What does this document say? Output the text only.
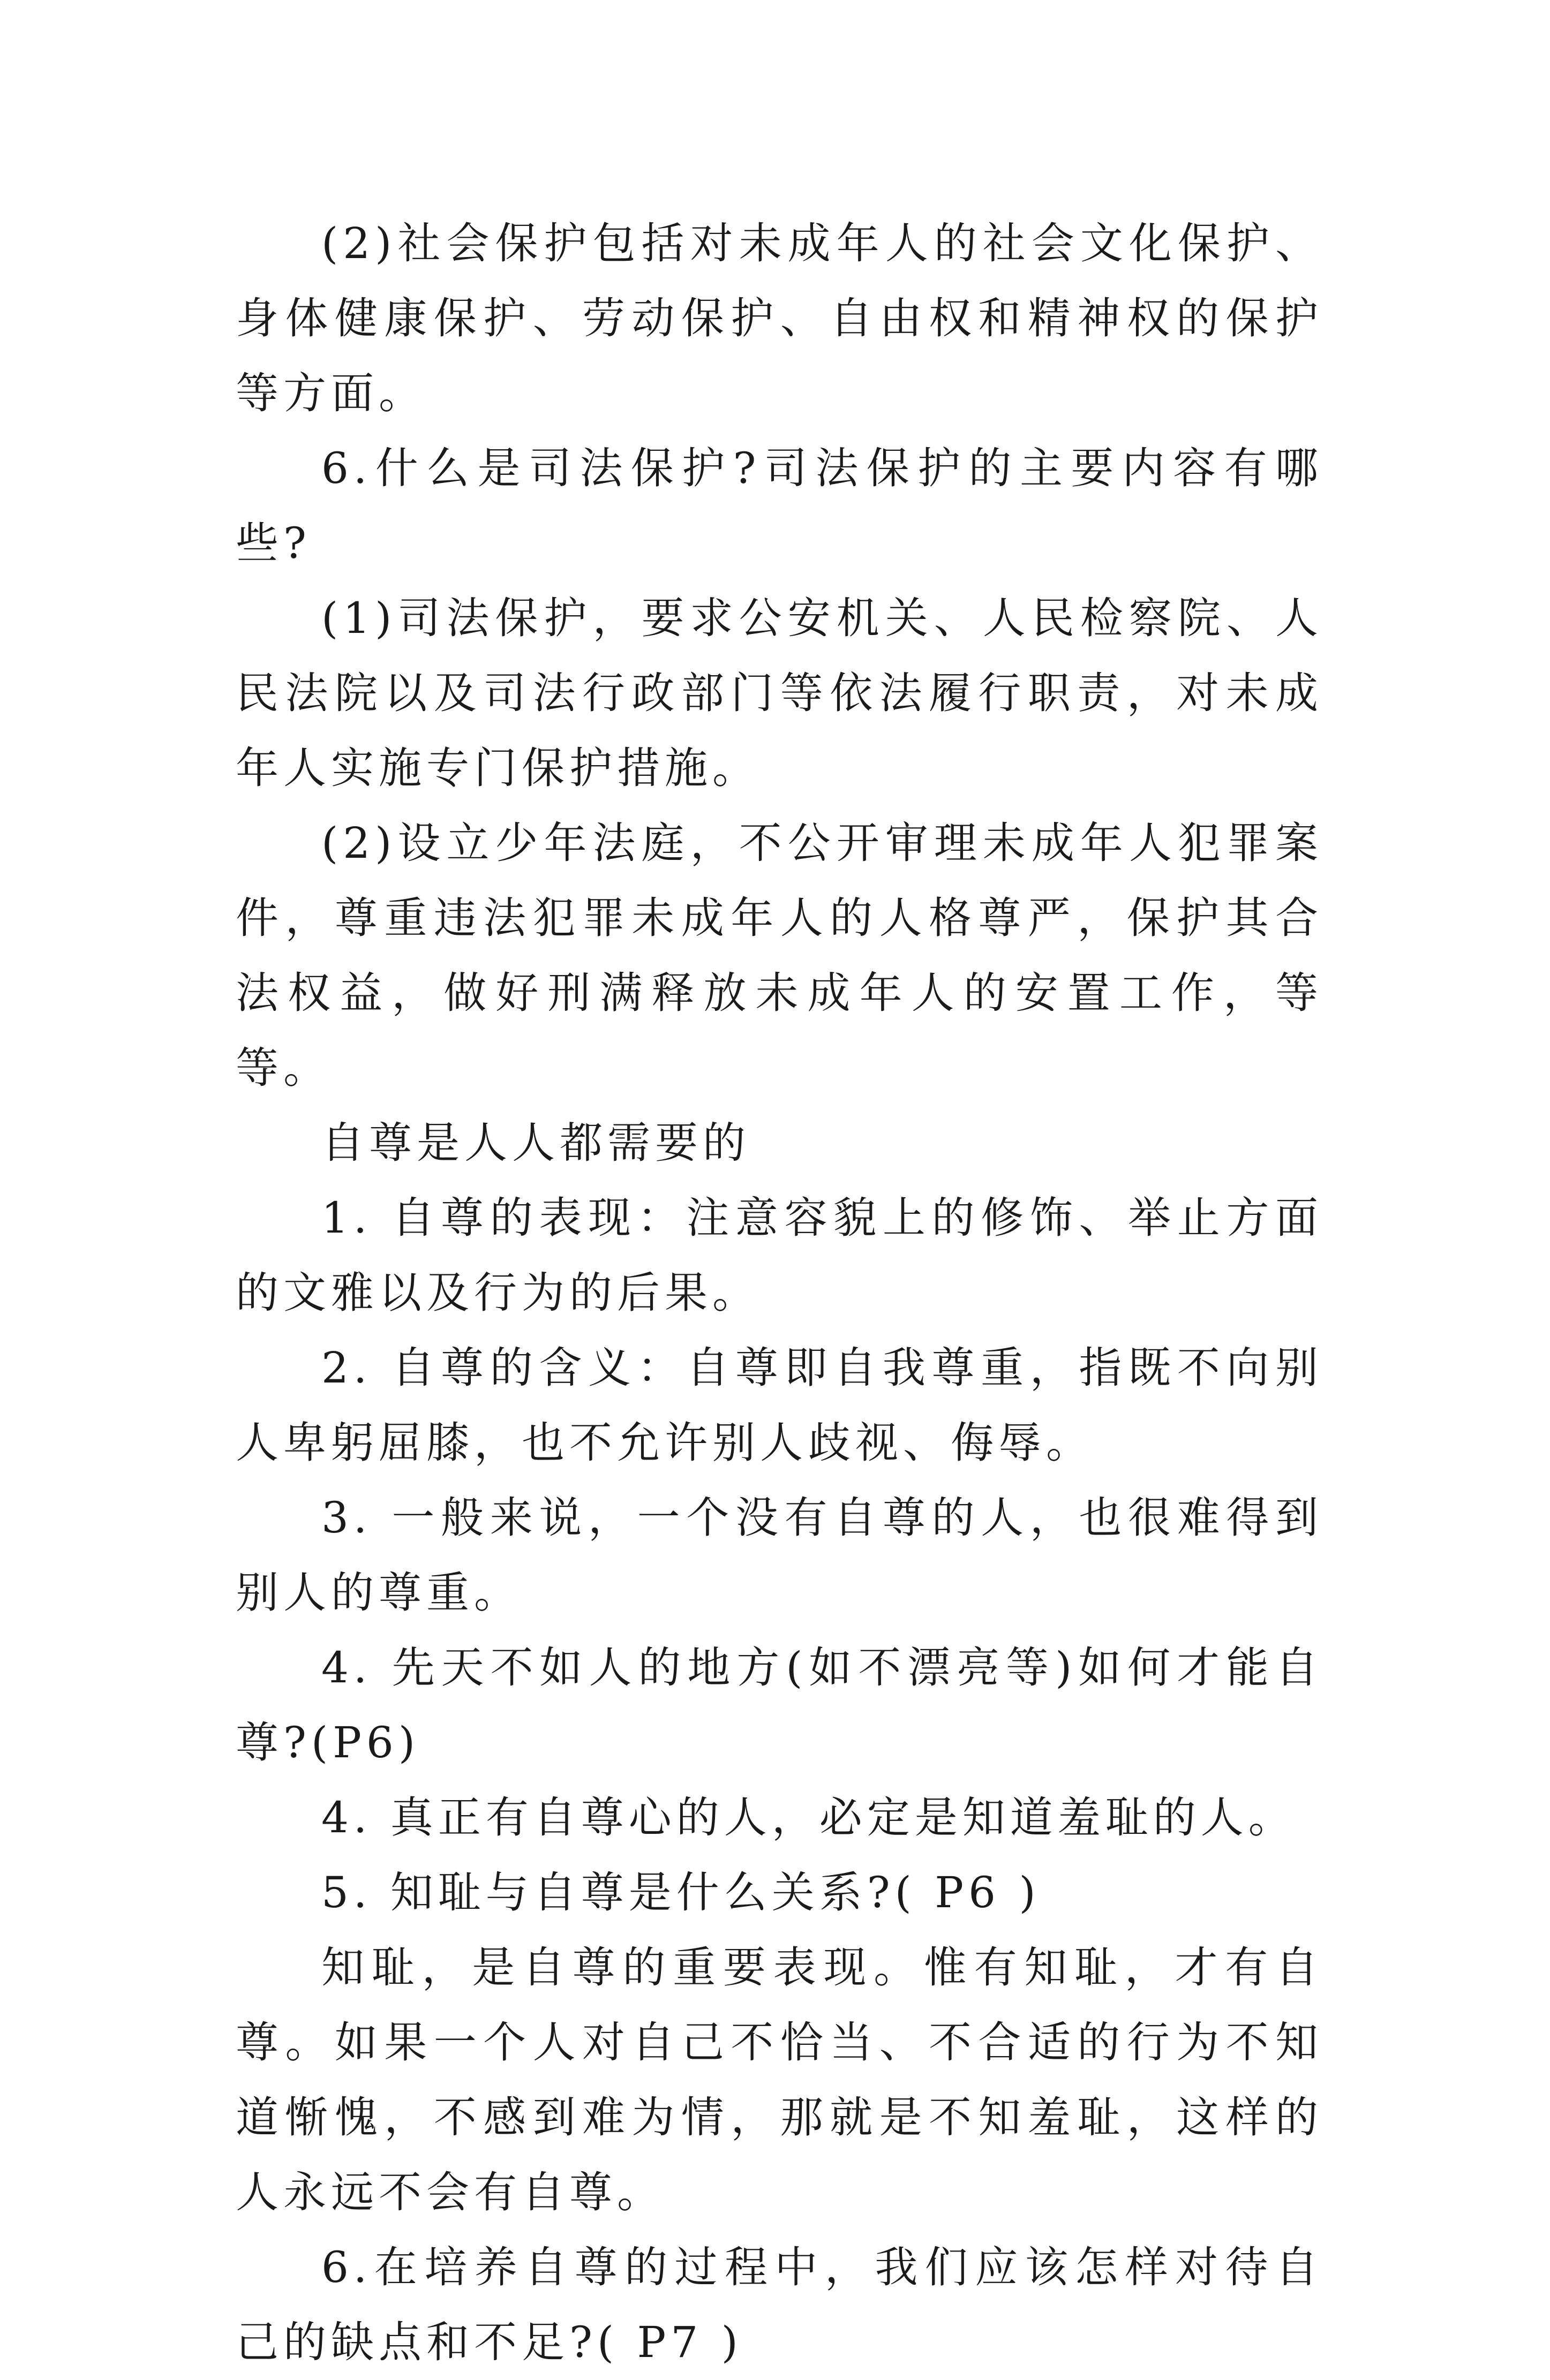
(2)社会保护包括对未成年人的社会文化保护、身体健康保护、劳动保护、自由权和精神权的保护等方面。

6.什么是司法保护?司法保护的主要内容有哪些?

(1)司法保护，要求公安机关、人民检察院、人民法院以及司法行政部门等依法履行职责，对未成年人实施专门保护措施。

(2)设立少年法庭，不公开审理未成年人犯罪案件，尊重违法犯罪未成年人的人格尊严，保护其合法权益，做好刑满释放未成年人的安置工作，等等。

自尊是人人都需要的

1. 自尊的表现：注意容貌上的修饰、举止方面的文雅以及行为的后果。

2. 自尊的含义：自尊即自我尊重，指既不向别人卑躬屈膝，也不允许别人歧视、侮辱。

3. 一般来说，一个没有自尊的人，也很难得到别人的尊重。

4. 先天不如人的地方(如不漂亮等)如何才能自尊?(P6)

4. 真正有自尊心的人，必定是知道羞耻的人。

5. 知耻与自尊是什么关系?( P6 )

知耻，是自尊的重要表现。惟有知耻，才有自尊。如果一个人对自己不恰当、不合适的行为不知道惭愧，不感到难为情，那就是不知羞耻，这样的人永远不会有自尊。

6.在培养自尊的过程中，我们应该怎样对待自己的缺点和不足?( P7 )
